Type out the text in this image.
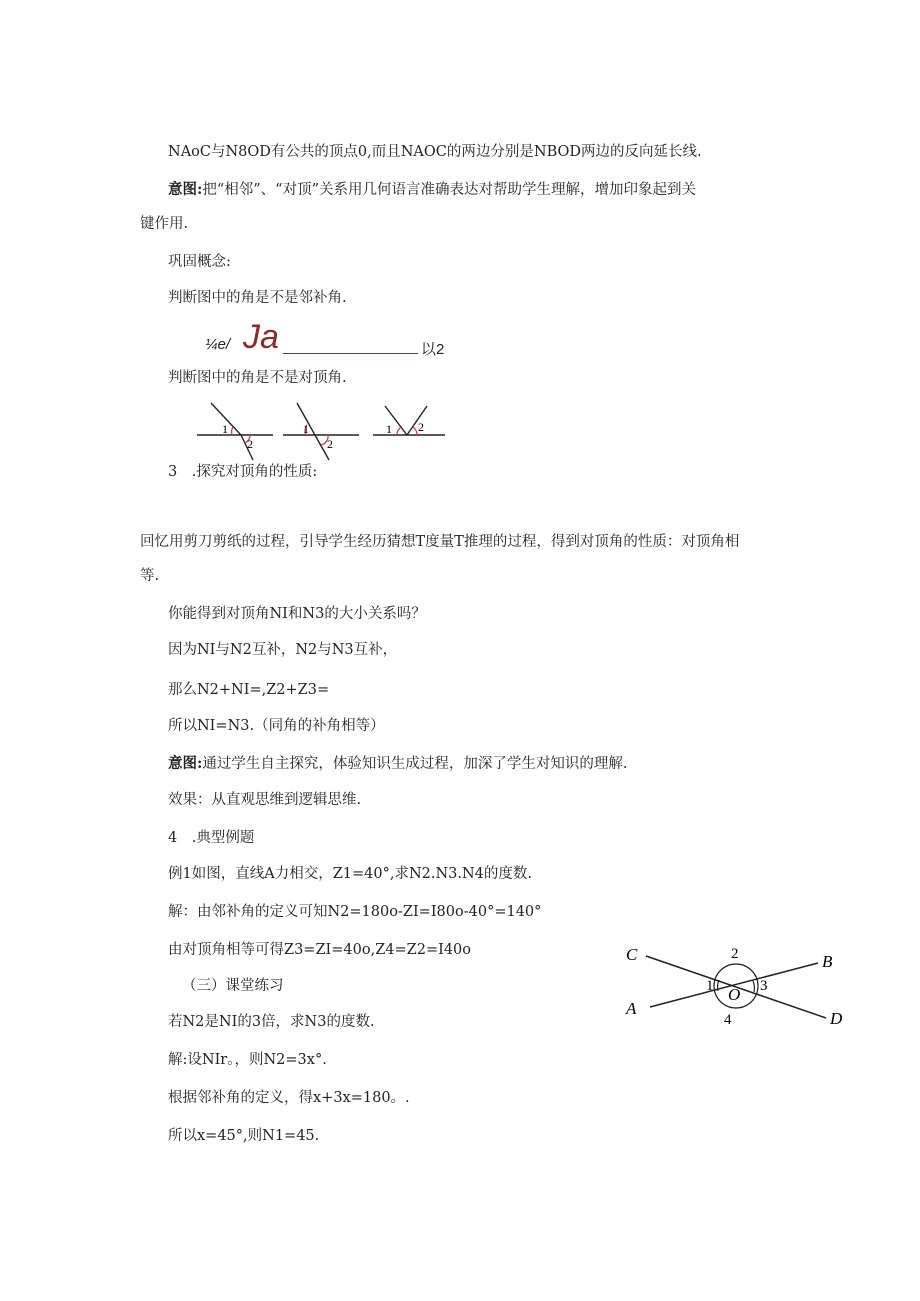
NAoC与N8OD有公共的顶点0,而且NAOC的两边分别是NBOD两边的反向延长线.
意图:把“相邻”、“对顶”关系用几何语言准确表达对帮助学生理解，增加印象起到关
键作用.
巩固概念:
判断图中的角是不是邻补角.
¼e/ Ja	以2
判断图中的角是不是对顶角.
1
2
1
2
1 2
3　.探究对顶角的性质:
回忆用剪刀剪纸的过程，引导学生经历猜想T度量T推理的过程，得到对顶角的性质：对顶角相
等.
你能得到对顶角NI和N3的大小关系吗？
因为NI与N2互补，N2与N3互补，
那么N2+NI=,Z2+Z3=
所以NI=N3.（同角的补角相等）
意图:通过学生自主探究，体验知识生成过程，加深了学生对知识的理解.
效果：从直观思维到逻辑思维.
4　.典型例题
例1如图，直线A力相交，Z1=40°,求N2.N3.N4的度数.
解：由邻补角的定义可知N2=180o-ZI=I80o-40°=140°
由对顶角相等可得Z3=ZI=40o,Z4=Z2=I40o
（三）课堂练习
若N2是NI的3倍，求N3的度数.
解:设NIr。，则N2=3x°.
根据邻补角的定义，得x+3x=180。.
所以x=45°,则N1=45.
C
A
B
D
O
1
2
3
4
